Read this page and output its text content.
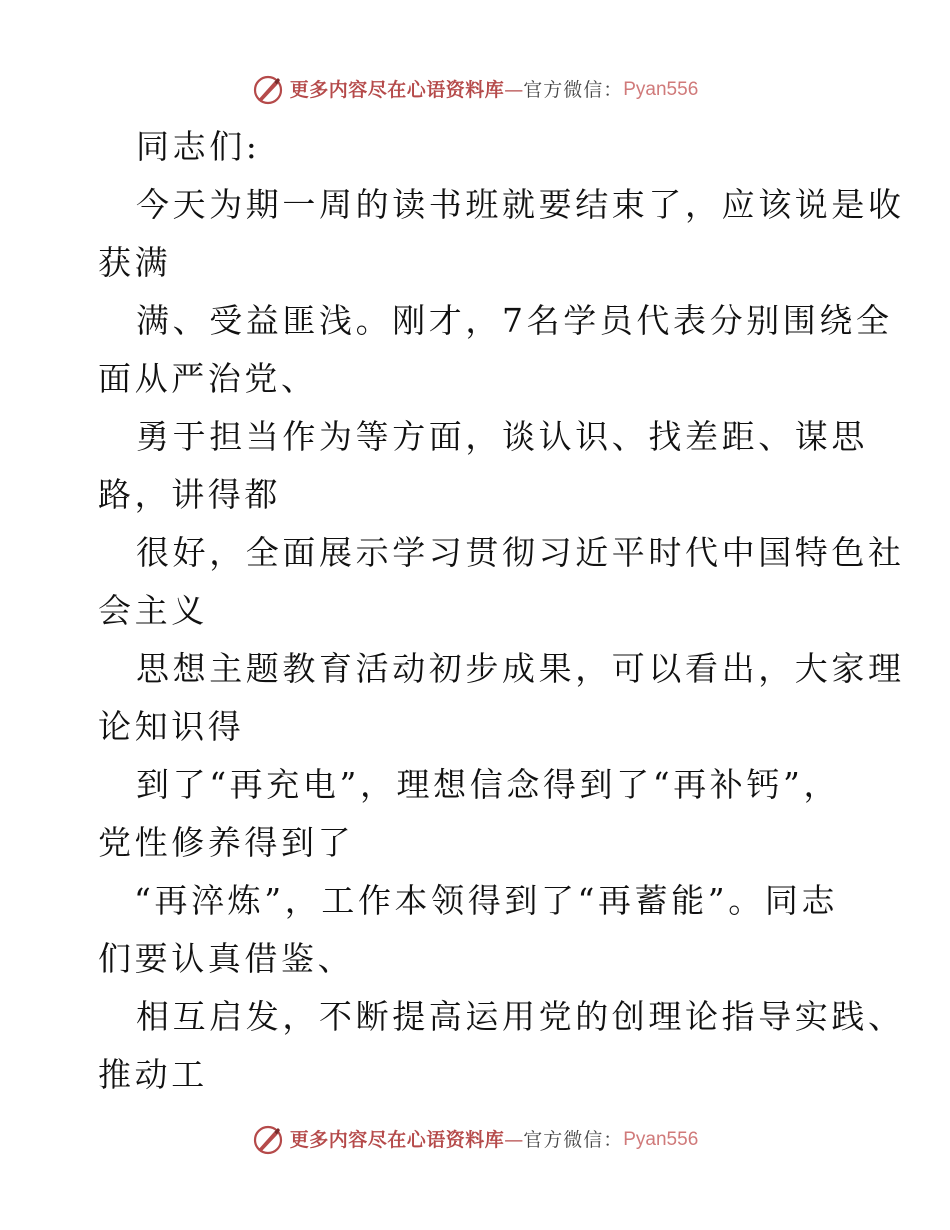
更多内容尽在心语资料库 — 官方微信： Pyan556
同志们:
今天为期一周的读书班就要结束了，应该说是收
获满
满、受益匪浅。刚才，7名学员代表分别围绕全
面从严治党、
勇于担当作为等方面，谈认识、找差距、谋思
路，讲得都
很好，全面展示学习贯彻习近平时代中国特色社
会主义
思想主题教育活动初步成果，可以看出，大家理
论知识得
到了“再充电”，理想信念得到了“再补钙”，
党性修养得到了
“再淬炼”，工作本领得到了“再蓄能”。同志
们要认真借鉴、
相互启发，不断提高运用党的创理论指导实践、
推动工
更多内容尽在心语资料库 — 官方微信： Pyan556
